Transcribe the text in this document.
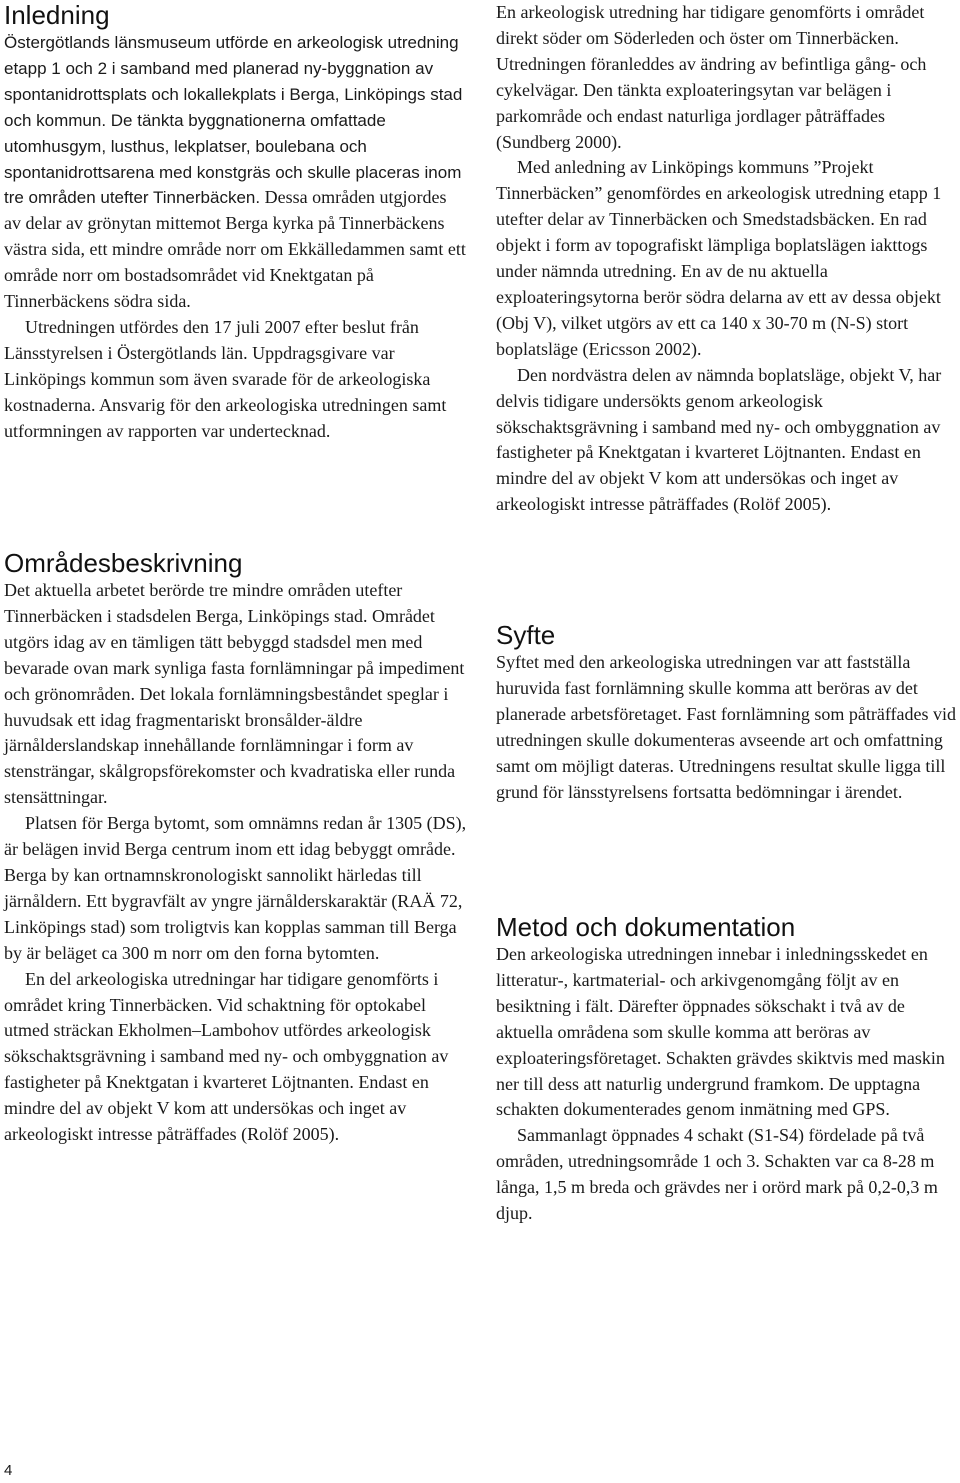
Inledning

Östergötlands länsmuseum utförde en arkeologisk utredning etapp 1 och 2 i samband med planerad ny-byggnation av spontanidrottsplats och lokallekplats i Berga, Linköpings stad och kommun. De tänkta byggnationerna omfattade utomhusgym, lusthus, lekplatser, boulebana och spontanidrottsarena med konstgräs och skulle placeras inom tre områden utefter Tinnerbäcken. Dessa områden utgjordes av delar av grönytan mittemot Berga kyrka på Tinnerbäckens västra sida, ett mindre område norr om Ekkälledammen samt ett område norr om bostadsområdet vid Knektgatan på Tinnerbäckens södra sida.

Utredningen utfördes den 17 juli 2007 efter beslut från Länsstyrelsen i Östergötlands län. Uppdragsgivare var Linköpings kommun som även svarade för de arkeologiska kostnaderna. Ansvarig för den arkeologiska utredningen samt utformningen av rapporten var undertecknad.

Områdesbeskrivning

Det aktuella arbetet berörde tre mindre områden utefter Tinnerbäcken i stadsdelen Berga, Linköpings stad. Området utgörs idag av en tämligen tätt bebyggd stadsdel men med bevarade ovan mark synliga fasta fornlämningar på impediment och grönområden. Det lokala fornlämningsbeståndet speglar i huvudsak ett idag fragmentariskt bronsålder-äldre järnålderslandskap innehållande fornlämningar i form av stensträngar, skålgropsförekomster och kvadratiska eller runda stensättningar.

Platsen för Berga bytomt, som omnämns redan år 1305 (DS), är belägen invid Berga centrum inom ett idag bebyggt område. Berga by kan ortnamnskronologiskt sannolikt härledas till järnåldern. Ett bygravfält av yngre järnålderskaraktär (RAÄ 72, Linköpings stad) som troligtvis kan kopplas samman till Berga by är beläget ca 300 m norr om den forna bytomten.

En del arkeologiska utredningar har tidigare genomförts i området kring Tinnerbäcken. Vid schaktning för optokabel utmed sträckan Ekholmen–Lambohov utfördes arkeologisk sökschaktsgrävning i samband med ny- och ombyggnation av fastigheter på Knektgatan i kvarteret Löjtnanten. Endast en mindre del av objekt V kom att undersökas och inget av arkeologiskt intresse påträffades (Rolöf 2005).

En arkeologisk utredning har tidigare genomförts i området direkt söder om Söderleden och öster om Tinnerbäcken. Utredningen föranleddes av ändring av befintliga gång- och cykelvägar. Den tänkta exploateringsytan var belägen i parkområde och endast naturliga jordlager påträffades (Sundberg 2000).

Med anledning av Linköpings kommuns ”Projekt Tinnerbäcken” genomfördes en arkeologisk utredning etapp 1 utefter delar av Tinnerbäcken och Smedstadsbäcken. En rad objekt i form av topografiskt lämpliga boplatslägen iakttogs under nämnda utredning. En av de nu aktuella exploateringsytorna berör södra delarna av ett av dessa objekt (Obj V), vilket utgörs av ett ca 140 x 30-70 m (N-S) stort boplatsläge (Ericsson 2002).

Den nordvästra delen av nämnda boplatsläge, objekt V, har delvis tidigare undersökts genom arkeologisk sökschaktsgrävning i samband med ny- och ombyggnation av fastigheter på Knektgatan i kvarteret Löjtnanten. Endast en mindre del av objekt V kom att undersökas och inget av arkeologiskt intresse påträffades (Rolöf 2005).

Syfte

Syftet med den arkeologiska utredningen var att fastställa huruvida fast fornlämning skulle komma att beröras av det planerade arbetsföretaget. Fast fornlämning som påträffades vid utredningen skulle dokumenteras avseende art och omfattning samt om möjligt dateras. Utredningens resultat skulle ligga till grund för länsstyrelsens fortsatta bedömningar i ärendet.

Metod och dokumentation

Den arkeologiska utredningen innebar i inledningsskedet en litteratur-, kartmaterial- och arkivgenomgång följt av en besiktning i fält. Därefter öppnades sökschakt i två av de aktuella områdena som skulle komma att beröras av exploateringsföretaget. Schakten grävdes skiktvis med maskin ner till dess att naturlig undergrund framkom. De upptagna schakten dokumenterades genom inmätning med GPS.

Sammanlagt öppnades 4 schakt (S1-S4) fördelade på två områden, utredningsområde 1 och 3. Schakten var ca 8-28 m långa, 1,5 m breda och grävdes ner i orörd mark på 0,2-0,3 m djup.

4
